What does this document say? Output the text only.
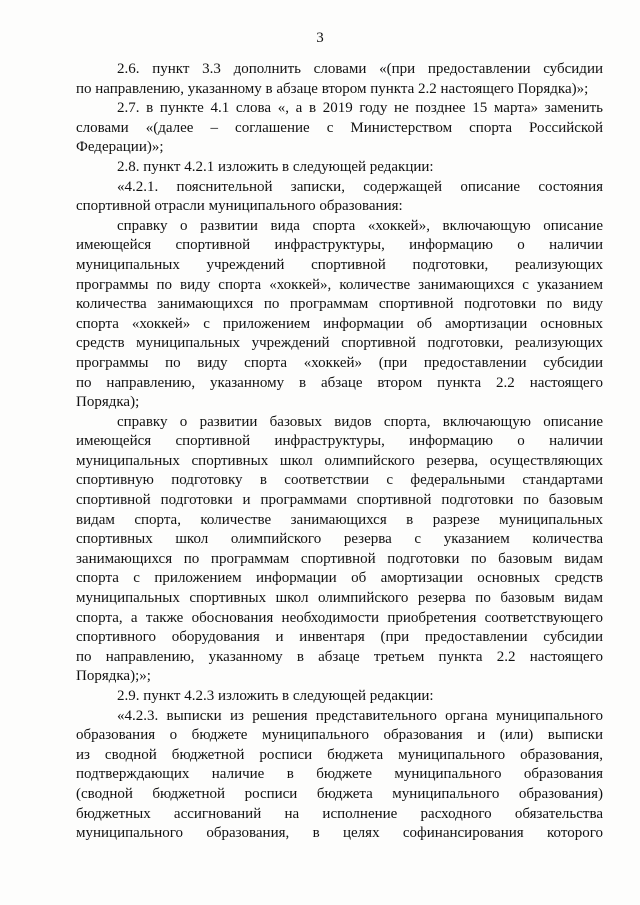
3
2.6. пункт 3.3 дополнить словами «(при предоставлении субсидии
по направлению, указанному в абзаце втором пункта 2.2 настоящего Порядка)»;
2.7. в пункте 4.1 слова «, а в 2019 году не позднее 15 марта» заменить
словами «(далее – соглашение с Министерством спорта Российской
Федерации)»;
2.8. пункт 4.2.1 изложить в следующей редакции:
«4.2.1. пояснительной записки, содержащей описание состояния
спортивной отрасли муниципального образования:
справку о развитии вида спорта «хоккей», включающую описание
имеющейся спортивной инфраструктуры, информацию о наличии
муниципальных учреждений спортивной подготовки, реализующих
программы по виду спорта «хоккей», количестве занимающихся с указанием
количества занимающихся по программам спортивной подготовки по виду
спорта «хоккей» с приложением информации об амортизации основных
средств муниципальных учреждений спортивной подготовки, реализующих
программы по виду спорта «хоккей» (при предоставлении субсидии
по направлению, указанному в абзаце втором пункта 2.2 настоящего
Порядка);
справку о развитии базовых видов спорта, включающую описание
имеющейся спортивной инфраструктуры, информацию о наличии
муниципальных спортивных школ олимпийского резерва, осуществляющих
спортивную подготовку в соответствии с федеральными стандартами
спортивной подготовки и программами спортивной подготовки по базовым
видам спорта, количестве занимающихся в разрезе муниципальных
спортивных школ олимпийского резерва с указанием количества
занимающихся по программам спортивной подготовки по базовым видам
спорта с приложением информации об амортизации основных средств
муниципальных спортивных школ олимпийского резерва по базовым видам
спорта, а также обоснования необходимости приобретения соответствующего
спортивного оборудования и инвентаря (при предоставлении субсидии
по направлению, указанному в абзаце третьем пункта 2.2 настоящего
Порядка);»;
2.9. пункт 4.2.3 изложить в следующей редакции:
«4.2.3. выписки из решения представительного органа муниципального
образования о бюджете муниципального образования и (или) выписки
из сводной бюджетной росписи бюджета муниципального образования,
подтверждающих наличие в бюджете муниципального образования
(сводной бюджетной росписи бюджета муниципального образования)
бюджетных ассигнований на исполнение расходного обязательства
муниципального образования, в целях софинансирования которого
